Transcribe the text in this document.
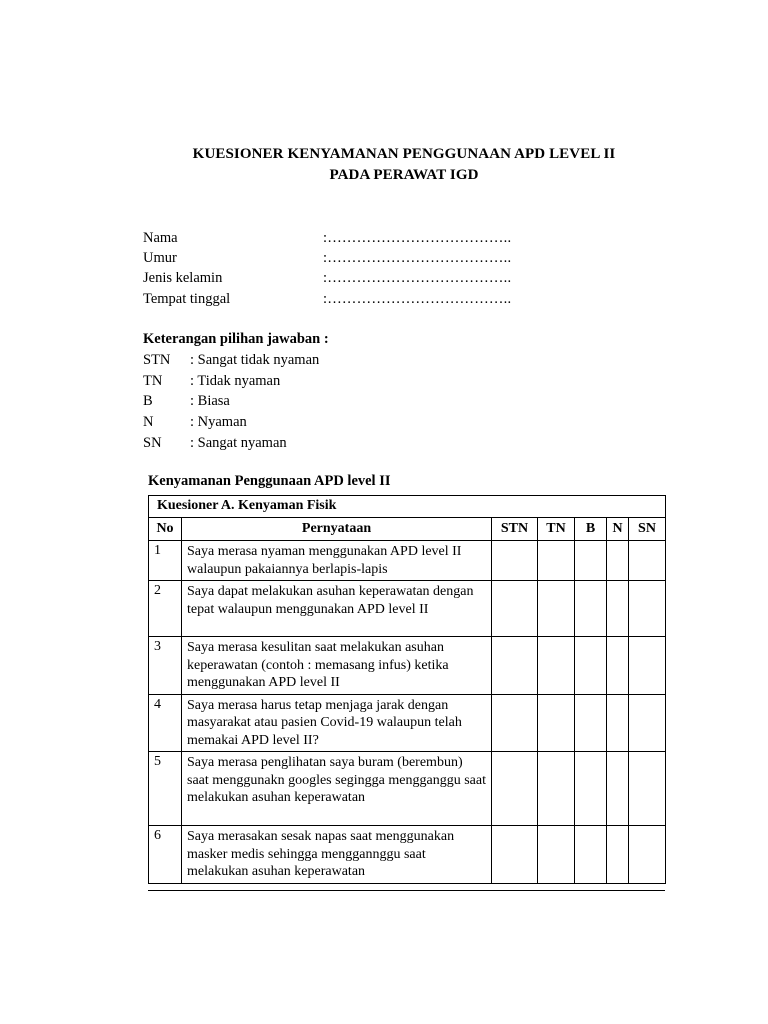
KUESIONER KENYAMANAN PENGGUNAAN APD LEVEL II
PADA PERAWAT IGD
Nama	:………………………………..
Umur	:………………………………..
Jenis kelamin	:………………………………..
Tempat tinggal	:………………………………..
Keterangan pilihan jawaban :
STN : Sangat tidak nyaman
TN : Tidak nyaman
B	: Biasa
N	: Nyaman
SN : Sangat nyaman
Kenyamanan Penggunaan APD level II
Kuesioner A. Kenyaman Fisik						
No	Pernyataan	STN	TN	B	N	SN
1	Saya merasa nyaman menggunakan APD level II walaupun pakaiannya berlapis-lapis					
2	Saya dapat melakukan asuhan keperawatan dengan tepat walaupun menggunakan APD level II					
3	Saya merasa kesulitan saat melakukan asuhan keperawatan (contoh : memasang infus) ketika menggunakan APD level II					
4	Saya merasa harus tetap menjaga jarak dengan masyarakat atau pasien Covid-19 walaupun telah memakai APD level II?					
5	Saya merasa penglihatan saya buram (berembun) saat menggunakn googles segingga mengganggu saat melakukan asuhan keperawatan					
6	Saya merasakan sesak napas saat menggunakan masker medis sehingga menggannggu saat melakukan asuhan keperawatan					
